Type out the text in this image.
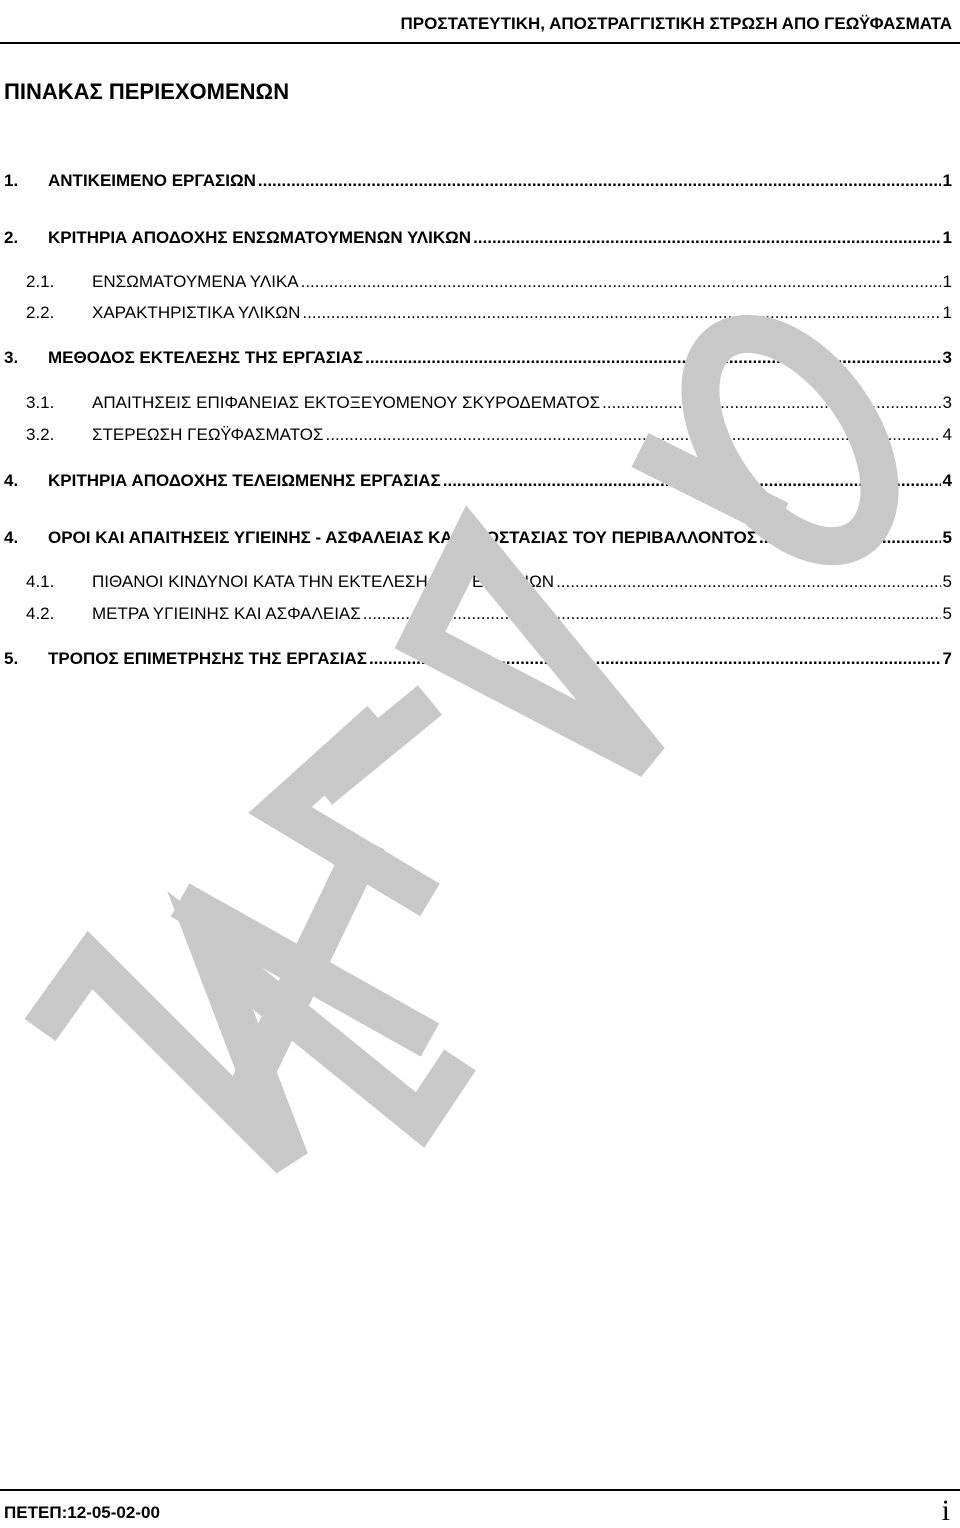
ΠΡΟΣΤΑΤΕΥΤΙΚΗ, ΑΠΟΣΤΡΑΓΓΙΣΤΙΚΗ ΣΤΡΩΣΗ ΑΠΟ ΓΕΩΫΦΑΣΜΑΤΑ
ΠΙΝΑΚΑΣ ΠΕΡΙΕΧΟΜΕΝΩΝ
1.	ΑΝΤΙΚΕΙΜΕΝΟ ΕΡΓΑΣΙΩΝ .....	1
2.	ΚΡΙΤΗΡΙΑ ΑΠΟΔΟΧΗΣ ΕΝΣΩΜΑΤΟΥΜΕΝΩΝ ΥΛΙΚΩΝ .....	1
2.1.	ΕΝΣΩΜΑΤΟΥΜΕΝΑ ΥΛΙΚΑ .....	1
2.2.	ΧΑΡΑΚΤΗΡΙΣΤΙΚΑ ΥΛΙΚΩΝ .....	1
3.	ΜΕΘΟΔΟΣ ΕΚΤΕΛΕΣΗΣ ΤΗΣ ΕΡΓΑΣΙΑΣ .....	3
3.1.	ΑΠΑΙΤΗΣΕΙΣ ΕΠΙΦΑΝΕΙΑΣ ΕΚΤΟΞΕΥΟΜΕΝΟΥ ΣΚΥΡΟΔΕΜΑΤΟΣ .....	3
3.2.	ΣΤΕΡΕΩΣΗ ΓΕΩΫΦΑΣΜΑΤΟΣ .....	4
4.	ΚΡΙΤΗΡΙΑ ΑΠΟΔΟΧΗΣ ΤΕΛΕΙΩΜΕΝΗΣ ΕΡΓΑΣΙΑΣ .....	4
4.	ΟΡΟΙ ΚΑΙ ΑΠΑΙΤΗΣΕΙΣ ΥΓΙΕΙΝΗΣ - ΑΣΦΑΛΕΙΑΣ ΚΑΙ ΠΡΟΣΤΑΣΙΑΣ ΤΟΥ ΠΕΡΙΒΑΛΛΟΝΤΟΣ .....	5
4.1.	ΠΙΘΑΝΟΙ ΚΙΝΔΥΝΟΙ ΚΑΤΑ ΤΗΝ ΕΚΤΕΛΕΣΗ ΤΩΝ ΕΡΓΑΣΙΩΝ .....	5
4.2.	ΜΕΤΡΑ ΥΓΙΕΙΝΗΣ ΚΑΙ ΑΣΦΑΛΕΙΑΣ .....	5
5.	ΤΡΟΠΟΣ ΕΠΙΜΕΤΡΗΣΗΣ ΤΗΣ ΕΡΓΑΣΙΑΣ .....	7
ΠΕΤΕΠ:12-05-02-00	i
